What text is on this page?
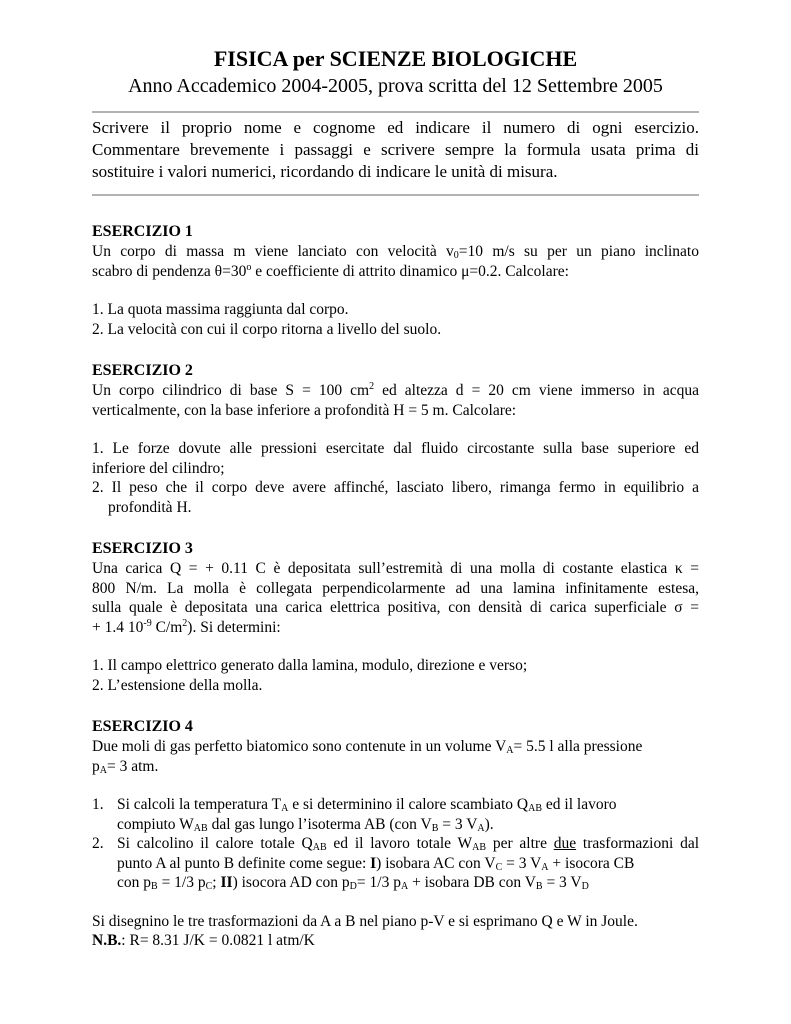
FISICA per SCIENZE BIOLOGICHE
Anno Accademico 2004-2005, prova scritta del 12 Settembre 2005
Scrivere il proprio nome e cognome ed indicare il numero di ogni esercizio.
Commentare brevemente i passaggi e scrivere sempre la formula usata prima di
sostituire i valori numerici, ricordando di indicare le unità di misura.
ESERCIZIO 1
Un corpo di massa m viene lanciato con velocità $v_0=10$ m/s su per un piano inclinato
scabro di pendenza $\theta=30^o$ e coefficiente di attrito dinamico μ=0.2. Calcolare:
1. La quota massima raggiunta dal corpo.
2. La velocità con cui il corpo ritorna a livello del suolo.
ESERCIZIO 2
Un corpo cilindrico di base S = 100 $cm^2$ ed altezza d = 20 cm viene immerso in acqua
verticalmente, con la base inferiore a profondità H = 5 m. Calcolare:
1. Le forze dovute alle pressioni esercitate dal fluido circostante sulla base superiore ed
inferiore del cilindro;
2. Il peso che il corpo deve avere affinché, lasciato libero, rimanga fermo in equilibrio a
profondità H.
ESERCIZIO 3
Una carica Q = + 0.11 C è depositata sull’estremità di una molla di costante elastica κ =
800 N/m. La molla è collegata perpendicolarmente ad una lamina infinitamente estesa,
sulla quale è depositata una carica elettrica positiva, con densità di carica superficiale σ =
+ 1.4 $10^{-9}$ $C/m^2$). Si determini:
1. Il campo elettrico generato dalla lamina, modulo, direzione e verso;
2. L’estensione della molla.
ESERCIZIO 4
Due moli di gas perfetto biatomico sono contenute in un volume $V_A= 5.5$ l alla pressione
$p_A= 3$ atm.
1. Si calcoli la temperatura $T_A$ e si determinino il calore scambiato $Q_{AB}$ ed il lavoro
compiuto $W_{AB}$ dal gas lungo l’isoterma AB (con $V_B = 3$ $V_A$).
2. Si calcolino il calore totale $Q_{AB}$ ed il lavoro totale $W_{AB}$ per altre due trasformazioni dal
punto A al punto B definite come segue: I) isobara AC con $V_C = 3$ $V_A$ + isocora CB
con $p_B = 1/3$ $p_C$; II) isocora AD con $p_D= 1/3$ $p_A$ + isobara DB con $V_B = 3$ $V_D$
Si disegnino le tre trasformazioni da A a B nel piano p-V e si esprimano Q e W in Joule.
N.B.: R= 8.31 J/K = 0.0821 l atm/K
